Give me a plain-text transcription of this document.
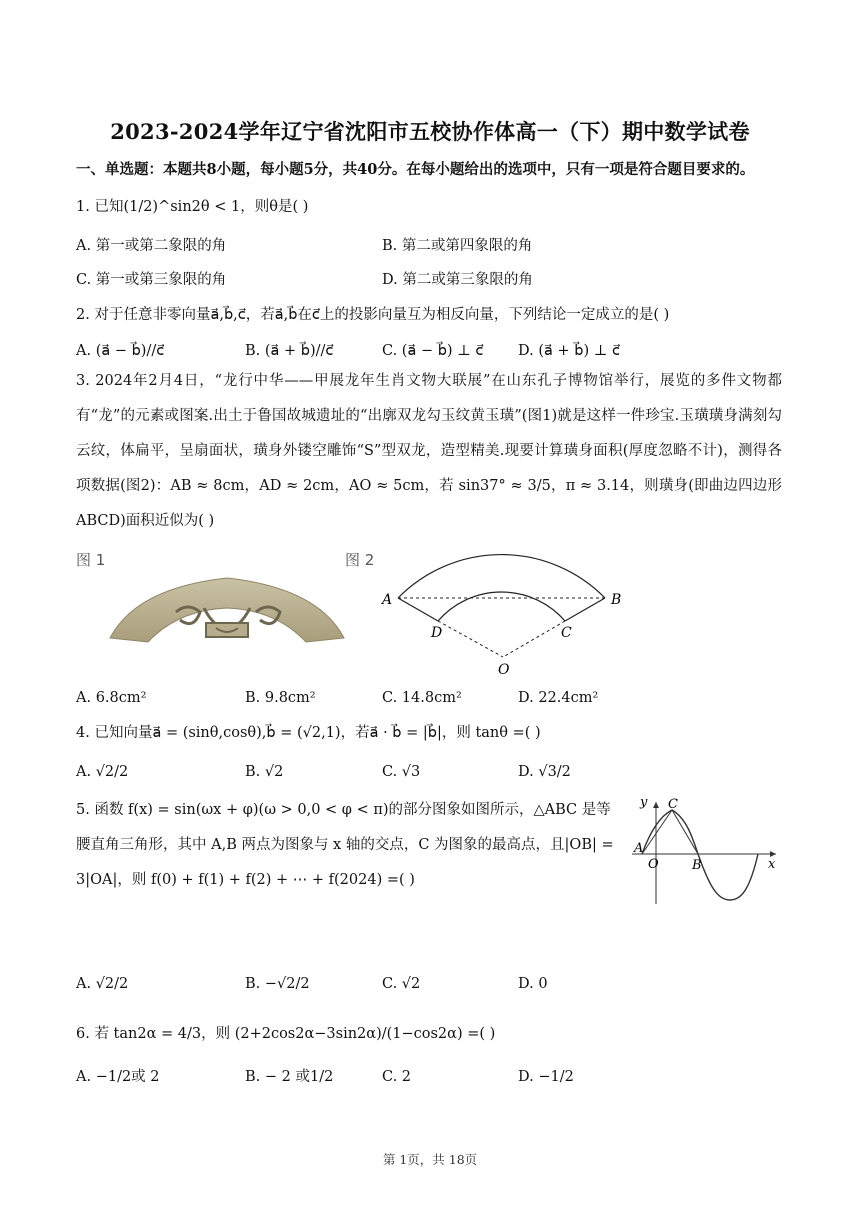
2023-2024学年辽宁省沈阳市五校协作体高一（下）期中数学试卷
一、单选题：本题共8小题，每小题5分，共40分。在每小题给出的选项中，只有一项是符合题目要求的。
1. 已知(1/2)^sin2θ < 1，则θ是( )
A. 第一或第二象限的角	B. 第二或第四象限的角
C. 第一或第三象限的角	D. 第二或第三象限的角
2. 对于任意非零向量a⃗,b⃗,c⃗，若a⃗,b⃗在c⃗上的投影向量互为相反向量，下列结论一定成立的是( )
A. (a⃗ − b⃗)//c⃗	B. (a⃗ + b⃗)//c⃗	C. (a⃗ − b⃗) ⊥ c⃗ D. (a⃗ + b⃗) ⊥ c⃗
3. 2024年2月4日，“龙行中华——甲展龙年生肖文物大联展”在山东孔子博物馆举行，展览的多件文物都有“龙”的元素或图案.出土于鲁国故城遗址的“出廓双龙勾玉纹黄玉璜”(图1)就是这样一件珍宝.玉璜璜身满刻勾云纹，体扁平，呈扇面状，璜身外镂空雕饰“S”型双龙，造型精美.现要计算璜身面积(厚度忽略不计)，测得各项数据(图2)：AB ≈ 8cm，AD ≈ 2cm，AO ≈ 5cm，若 sin37° ≈ 3/5，π ≈ 3.14，则璜身(即曲边四边形 ABCD)面积近似为( )
图 1	图 2
A	B
C
D
O
A. 6.8cm²	B. 9.8cm²	C. 14.8cm²	D. 22.4cm²
4. 已知向量a⃗ = (sinθ,cosθ),b⃗ = (√2,1)，若a⃗ · b⃗ = |b⃗|，则 tanθ =( )
A. √2/2	B. √2	C. √3	D. √3/2
5. 函数 f(x) = sin(ωx + φ)(ω > 0,0 < φ < π)的部分图象如图所示，△ABC 是等
腰直角三角形，其中 A,B 两点为图象与 x 轴的交点，C 为图象的最高点，且|OB| =
3|OA|，则 f(0) + f(1) + f(2) + ⋯ + f(2024) =( )
y
x
A
O	B
C
A. √2/2	B. −√2/2	C. √2	D. 0
6. 若 tan2α = 4/3，则 (2+2cos2α−3sin2α)/(1−cos2α) =( )
A. −1/2或 2	B. − 2 或1/2	C. 2	D. −1/2
第 1页，共 18页
